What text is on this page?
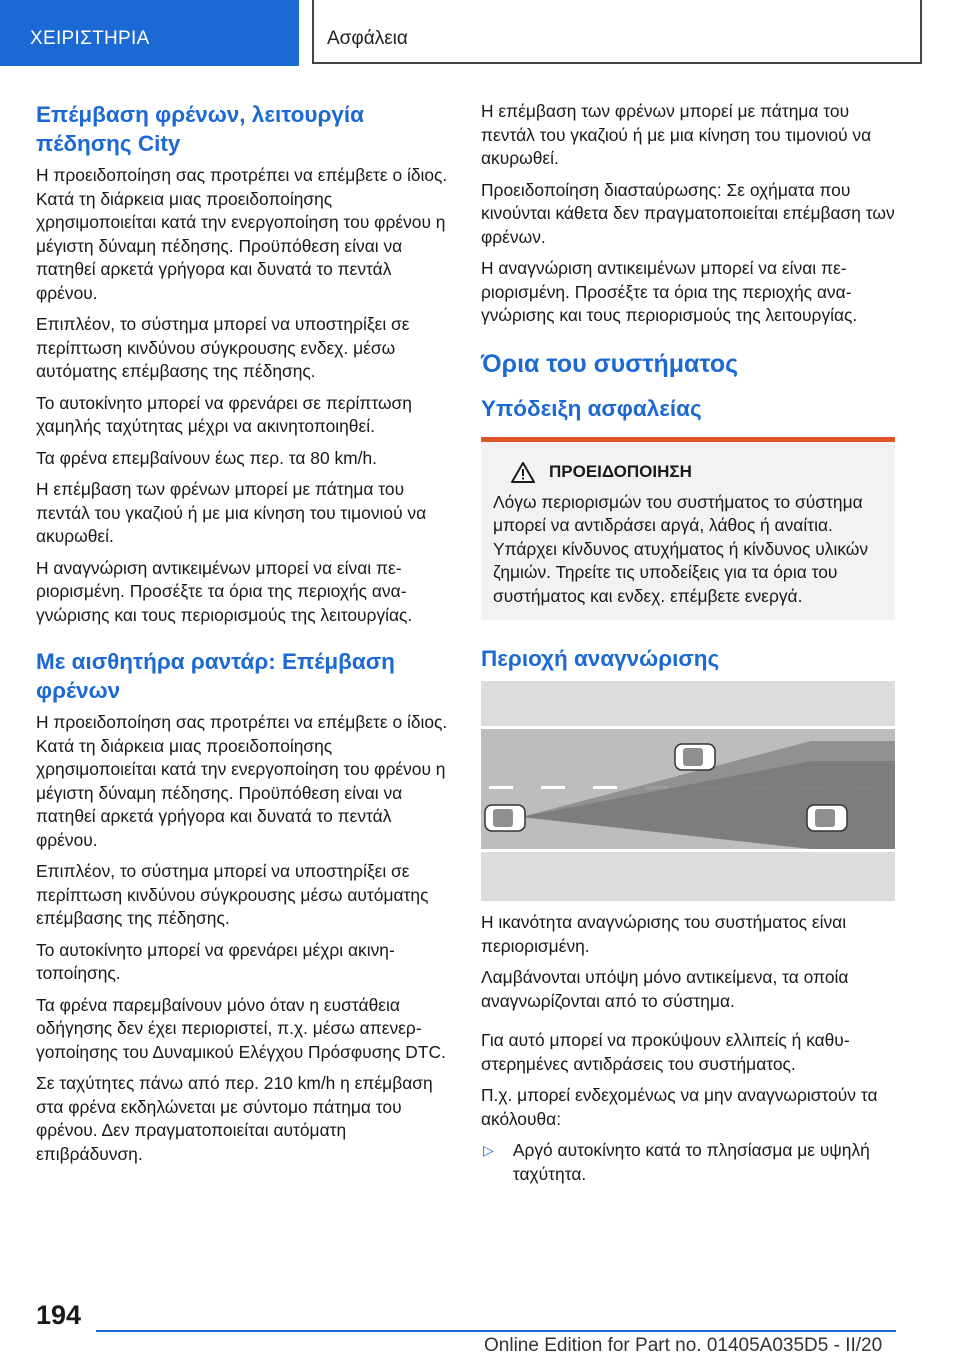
ΧΕΙΡΙΣΤΗΡΙΑ	Ασφάλεια
Επέμβαση φρένων, λειτουργία πέδησης City

Η προειδοποίηση σας προτρέπει να επέμβετε ο ίδιος. Κατά τη διάρκεια μιας προειδοποίησης χρησιμοποιείται κατά την ενεργοποίηση του φρένου η μέγιστη δύναμη πέδησης. Προϋπόθεση είναι να πατηθεί αρκετά γρήγορα και δυνατά το πεντάλ φρένου.

Επιπλέον, το σύστημα μπορεί να υποστηρίξει σε περίπτωση κινδύνου σύγκρουσης ενδεχ. μέσω αυτόματης επέμβασης της πέδησης.

Το αυτοκίνητο μπορεί να φρενάρει σε περίπτωση χαμηλής ταχύτητας μέχρι να ακινητοποιηθεί.

Τα φρένα επεμβαίνουν έως περ. τα 80 km/h.

Η επέμβαση των φρένων μπορεί με πάτημα του πεντάλ του γκαζιού ή με μια κίνηση του τιμονιού να ακυρωθεί.

Η αναγνώριση αντικειμένων μπορεί να είναι περιορισμένη. Προσέξτε τα όρια της περιοχής αναγνώρισης και τους περιορισμούς της λειτουργίας.

Με αισθητήρα ραντάρ: Επέμβαση φρένων

Η προειδοποίηση σας προτρέπει να επέμβετε ο ίδιος. Κατά τη διάρκεια μιας προειδοποίησης χρησιμοποιείται κατά την ενεργοποίηση του φρένου η μέγιστη δύναμη πέδησης. Προϋπόθεση είναι να πατηθεί αρκετά γρήγορα και δυνατά το πεντάλ φρένου.

Επιπλέον, το σύστημα μπορεί να υποστηρίξει σε περίπτωση κινδύνου σύγκρουσης μέσω αυτόματης επέμβασης της πέδησης.

Το αυτοκίνητο μπορεί να φρενάρει μέχρι ακινητοποίησης.

Τα φρένα παρεμβαίνουν μόνο όταν η ευστάθεια οδήγησης δεν έχει περιοριστεί, π.χ. μέσω απενεργοποίησης του Δυναμικού Ελέγχου Πρόσφυσης DTC.

Σε ταχύτητες πάνω από περ. 210 km/h η επέμβαση στα φρένα εκδηλώνεται με σύντομο πάτημα του φρένου. Δεν πραγματοποιείται αυτόματη επιβράδυνση.

Η επέμβαση των φρένων μπορεί με πάτημα του πεντάλ του γκαζιού ή με μια κίνηση του τιμονιού να ακυρωθεί.

Προειδοποίηση διασταύρωσης: Σε οχήματα που κινούνται κάθετα δεν πραγματοποιείται επέμβαση των φρένων.

Η αναγνώριση αντικειμένων μπορεί να είναι περιορισμένη. Προσέξτε τα όρια της περιοχής αναγνώρισης και τους περιορισμούς της λειτουργίας.

Όρια του συστήματος
Υπόδειξη ασφαλείας
ΠΡΟΕΙΔΟΠΟΙΗΣΗ

Λόγω περιορισμών του συστήματος το σύστημα μπορεί να αντιδράσει αργά, λάθος ή αναίτια. Υπάρχει κίνδυνος ατυχήματος ή κίνδυνος υλικών ζημιών. Τηρείτε τις υποδείξεις για τα όρια του συστήματος και ενδεχ. επέμβετε ενεργά.

Περιοχή αναγνώρισης

Η ικανότητα αναγνώρισης του συστήματος είναι περιορισμένη.

Λαμβάνονται υπόψη μόνο αντικείμενα, τα οποία αναγνωρίζονται από το σύστημα.

Για αυτό μπορεί να προκύψουν ελλιπείς ή καθυστερημένες αντιδράσεις του συστήματος.

Π.χ. μπορεί ενδεχομένως να μην αναγνωριστούν τα ακόλουθα:

▷	Αργό αυτοκίνητο κατά το πλησίασμα με υψηλή ταχύτητα.
194
Online Edition for Part no. 01405A035D5 - II/20
